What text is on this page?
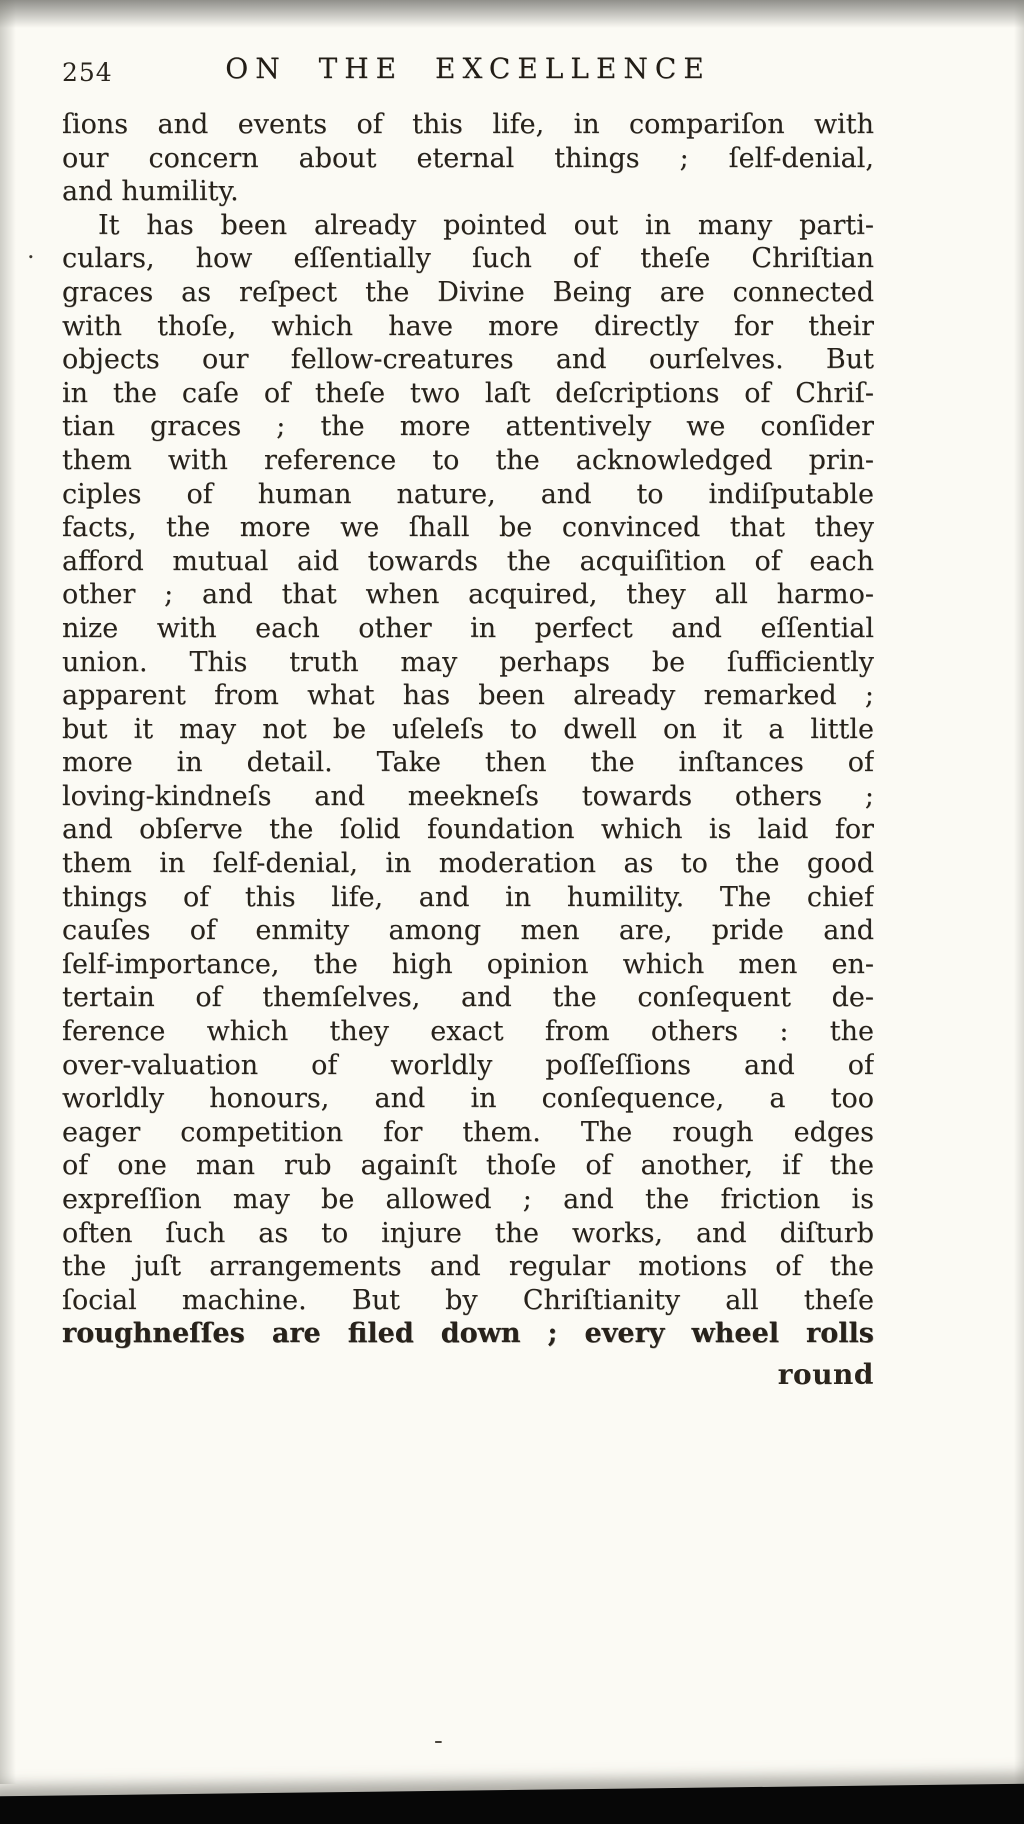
254	ON THE EXCELLENCE
ſions and events of this life, in compariſon with
our concern about eternal things ; ſelf-denial,
and humility.
It has been already pointed out in many parti-
culars, how eſſentially ſuch of theſe Chriſtian
graces as reſpect the Divine Being are connected
with thoſe, which have more directly for their
objects our fellow-creatures and ourſelves. But
in the caſe of theſe two laſt deſcriptions of Chriſ-
tian graces ; the more attentively we conſider
them with reference to the acknowledged prin-
ciples of human nature, and to indiſputable
facts, the more we ſhall be convinced that they
afford mutual aid towards the acquiſition of each
other ; and that when acquired, they all harmo-
nize with each other in perfect and eſſential
union. This truth may perhaps be ſufficiently
apparent from what has been already remarked ;
but it may not be uſeleſs to dwell on it a little
more in detail. Take then the inſtances of
loving-kindneſs and meekneſs towards others ;
and obſerve the ſolid foundation which is laid for
them in ſelf-denial, in moderation as to the good
things of this life, and in humility. The chief
cauſes of enmity among men are, pride and
ſelf-importance, the high opinion which men en-
tertain of themſelves, and the conſequent de-
ference which they exact from others : the
over-valuation of worldly poſſeſſions and of
worldly honours, and in conſequence, a too
eager competition for them. The rough edges
of one man rub againſt thoſe of another, if the
expreſſion may be allowed ; and the friction is
often ſuch as to injure the works, and diſturb
the juſt arrangements and regular motions of the
ſocial machine. But by Chriſtianity all theſe
roughneſſes are filed down ; every wheel rolls
round
-
.
